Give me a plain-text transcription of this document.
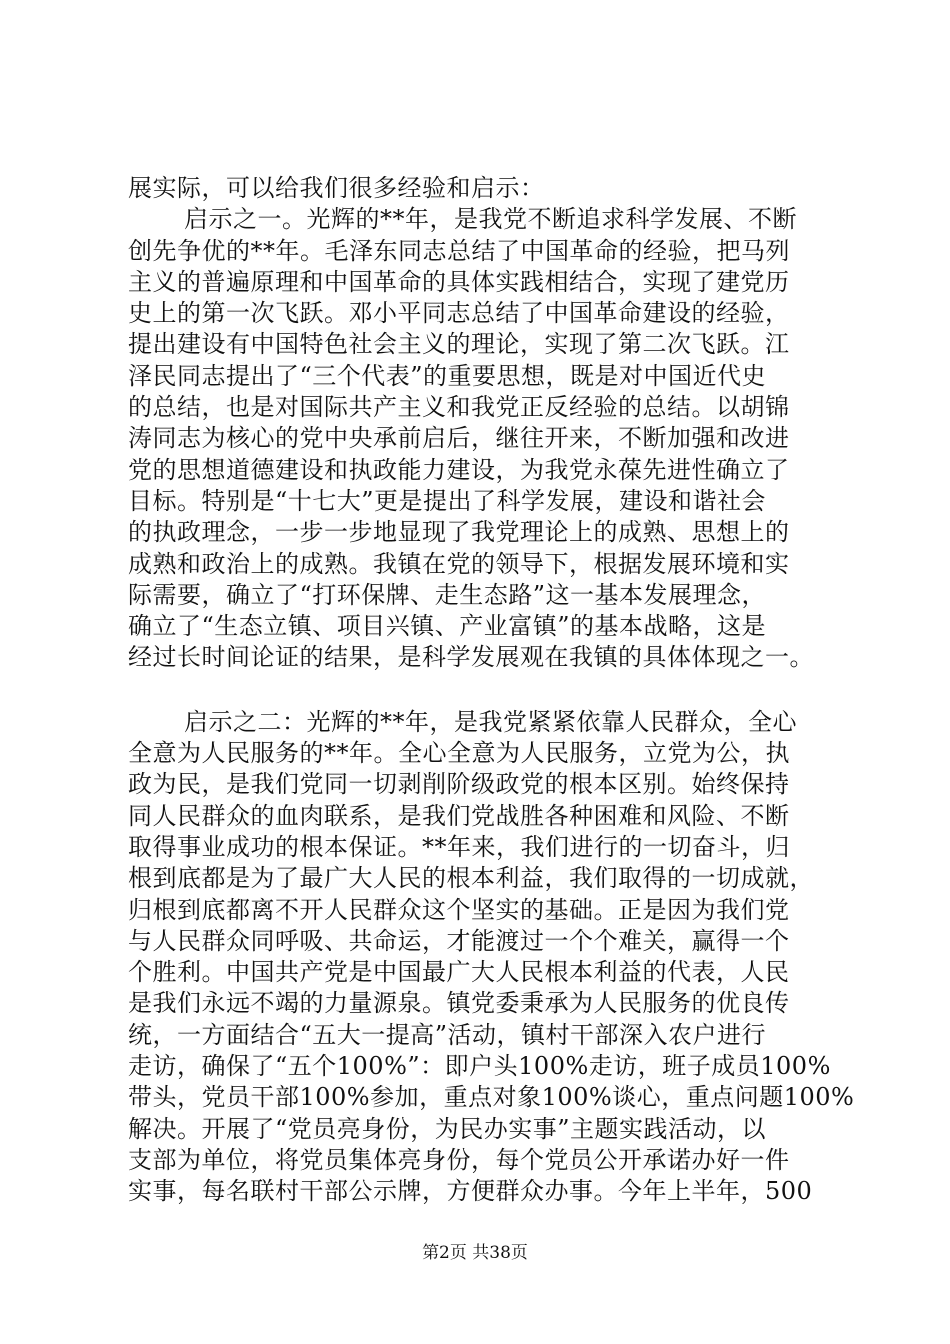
展实际，可以给我们很多经验和启示：
启示之一。光辉的**年，是我党不断追求科学发展、不断
创先争优的**年。毛泽东同志总结了中国革命的经验，把马列
主义的普遍原理和中国革命的具体实践相结合，实现了建党历
史上的第一次飞跃。邓小平同志总结了中国革命建设的经验，
提出建设有中国特色社会主义的理论，实现了第二次飞跃。江
泽民同志提出了“三个代表”的重要思想，既是对中国近代史
的总结，也是对国际共产主义和我党正反经验的总结。以胡锦
涛同志为核心的党中央承前启后，继往开来，不断加强和改进
党的思想道德建设和执政能力建设，为我党永葆先进性确立了
目标。特别是“十七大”更是提出了科学发展，建设和谐社会
的执政理念，一步一步地显现了我党理论上的成熟、思想上的
成熟和政治上的成熟。我镇在党的领导下，根据发展环境和实
际需要，确立了“打环保牌、走生态路”这一基本发展理念，
确立了“生态立镇、项目兴镇、产业富镇”的基本战略，这是
经过长时间论证的结果，是科学发展观在我镇的具体体现之一。
启示之二：光辉的**年，是我党紧紧依靠人民群众，全心
全意为人民服务的**年。全心全意为人民服务，立党为公，执
政为民，是我们党同一切剥削阶级政党的根本区别。始终保持
同人民群众的血肉联系，是我们党战胜各种困难和风险、不断
取得事业成功的根本保证。**年来，我们进行的一切奋斗，归
根到底都是为了最广大人民的根本利益，我们取得的一切成就，
归根到底都离不开人民群众这个坚实的基础。正是因为我们党
与人民群众同呼吸、共命运，才能渡过一个个难关，赢得一个
个胜利。中国共产党是中国最广大人民根本利益的代表，人民
是我们永远不竭的力量源泉。镇党委秉承为人民服务的优良传
统，一方面结合“五大一提高”活动，镇村干部深入农户进行
走访，确保了“五个100%”：即户头100%走访，班子成员100%
带头，党员干部100%参加，重点对象100%谈心，重点问题100%
解决。开展了“党员亮身份，为民办实事”主题实践活动，以
支部为单位，将党员集体亮身份，每个党员公开承诺办好一件
实事，每名联村干部公示牌，方便群众办事。今年上半年，500
第2页 共38页
